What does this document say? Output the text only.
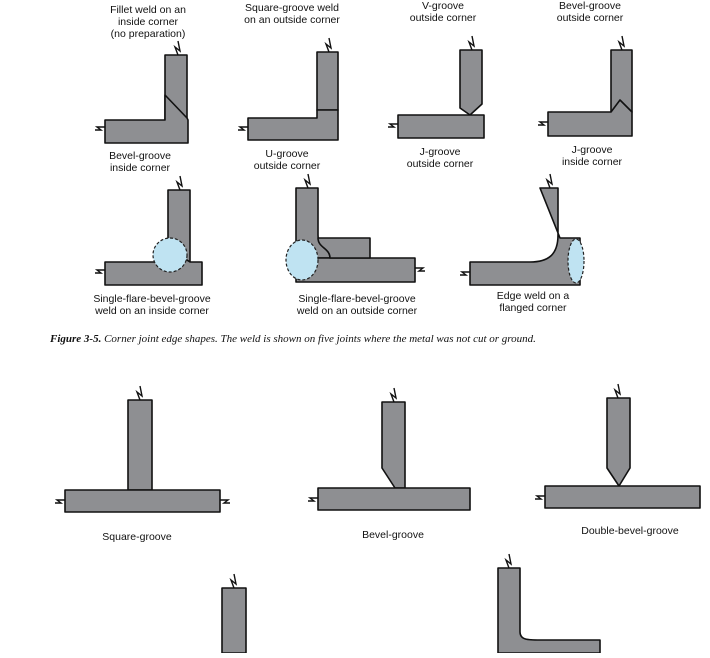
Fillet weld on an
inside corner
(no preparation)
Square-groove weld
on an outside corner
V-groove
outside corner
Bevel-groove
outside corner
Bevel-groove
inside corner
U-groove
outside corner
J-groove
outside corner
J-groove
inside corner
Single-flare-bevel-groove
weld on an inside corner
Single-flare-bevel-groove
weld on an outside corner
Edge weld on a
flanged corner
Figure 3-5. Corner joint edge shapes. The weld is shown on five joints where the metal was not cut or ground.
Square-groove	Bevel-groove	Double-bevel-groove
